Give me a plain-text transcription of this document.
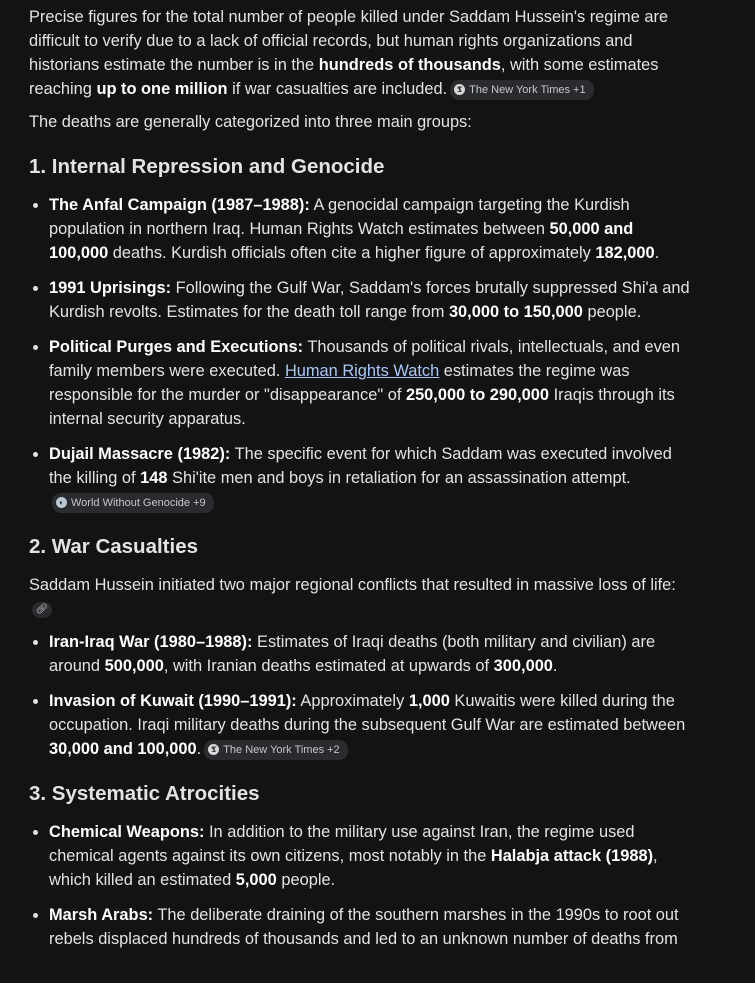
Precise figures for the total number of people killed under Saddam Hussein's regime are difficult to verify due to a lack of official records, but human rights organizations and historians estimate the number is in the hundreds of thousands, with some estimates reaching up to one million if war casualties are included.	𝕿 The New York Times +1

The deaths are generally categorized into three main groups:

1. Internal Repression and Genocide
The Anfal Campaign (1987–1988): A genocidal campaign targeting the Kurdish population in northern Iraq. Human Rights Watch estimates between 50,000 and 100,000 deaths. Kurdish officials often cite a higher figure of approximately 182,000.
1991 Uprisings: Following the Gulf War, Saddam's forces brutally suppressed Shi'a and Kurdish revolts. Estimates for the death toll range from 30,000 to 150,000 people.
Political Purges and Executions: Thousands of political rivals, intellectuals, and even family members were executed. Human Rights Watch estimates the regime was responsible for the murder or "disappearance" of 250,000 to 290,000 Iraqis through its internal security apparatus.
Dujail Massacre (1982): The specific event for which Saddam was executed involved the killing of 148 Shi'ite men and boys in retaliation for an assassination attempt.
◐ World Without Genocide +9
2. War Casualties

Saddam Hussein initiated two major regional conflicts that resulted in massive loss of life:🔗︎

Iran-Iraq War (1980–1988): Estimates of Iraqi deaths (both military and civilian) are around 500,000, with Iranian deaths estimated at upwards of 300,000.
Invasion of Kuwait (1990–1991): Approximately 1,000 Kuwaitis were killed during the occupation. Iraqi military deaths during the subsequent Gulf War are estimated between 30,000 and 100,000.	𝕿 The New York Times +2
3. Systematic Atrocities
Chemical Weapons: In addition to the military use against Iran, the regime used chemical agents against its own citizens, most notably in the Halabja attack (1988), which killed an estimated 5,000 people.
Marsh Arabs: The deliberate draining of the southern marshes in the 1990s to root out rebels displaced hundreds of thousands and led to an unknown number of deaths from
